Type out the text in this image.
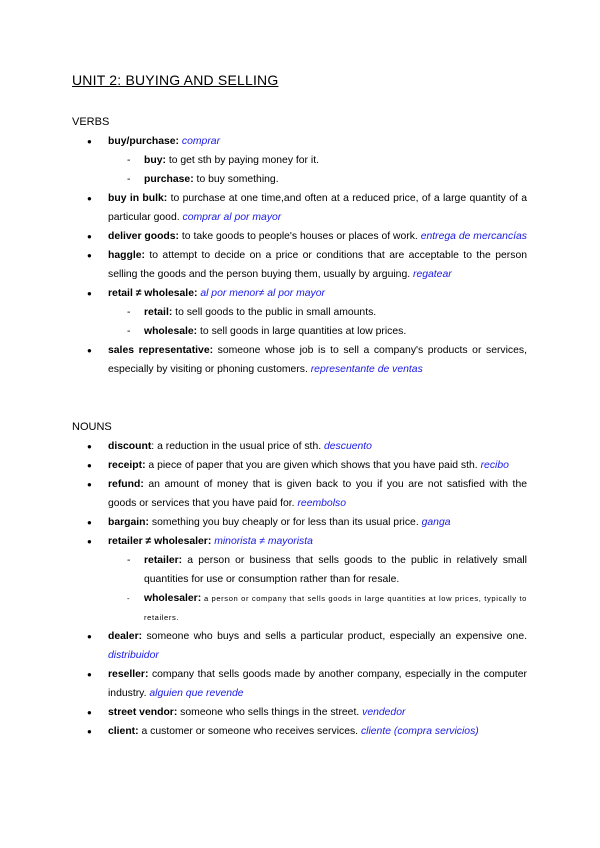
UNIT 2: BUYING AND SELLING
VERBS
● buy/purchase: comprar
- buy: to get sth by paying money for it.
- purchase: to buy something.
● buy in bulk: to purchase at one time,and often at a reduced price, of a large quantity of a particular good. comprar al por mayor
● deliver goods: to take goods to people's houses or places of work. entrega de mercancías
● haggle: to attempt to decide on a price or conditions that are acceptable to the person selling the goods and the person buying them, usually by arguing. regatear
● retail ≠ wholesale: al por menor≠ al por mayor
- retail: to sell goods to the public in small amounts.
- wholesale: to sell goods in large quantities at low prices.
● sales representative: someone whose job is to sell a company's products or services, especially by visiting or phoning customers. representante de ventas
NOUNS
● discount: a reduction in the usual price of sth. descuento
● receipt: a piece of paper that you are given which shows that you have paid sth. recibo
● refund: an amount of money that is given back to you if you are not satisfied with the goods or services that you have paid for. reembolso
● bargain: something you buy cheaply or for less than its usual price. ganga
● retailer ≠ wholesaler: minorista ≠ mayorista
- retailer: a person or business that sells goods to the public in relatively small quantities for use or consumption rather than for resale.
- wholesaler: a person or company that sells goods in large quantities at low prices, typically to retailers.
● dealer: someone who buys and sells a particular product, especially an expensive one. distribuidor
● reseller: company that sells goods made by another company, especially in the computer industry. alguien que revende
● street vendor: someone who sells things in the street. vendedor
● client: a customer or someone who receives services. cliente (compra servicios)
